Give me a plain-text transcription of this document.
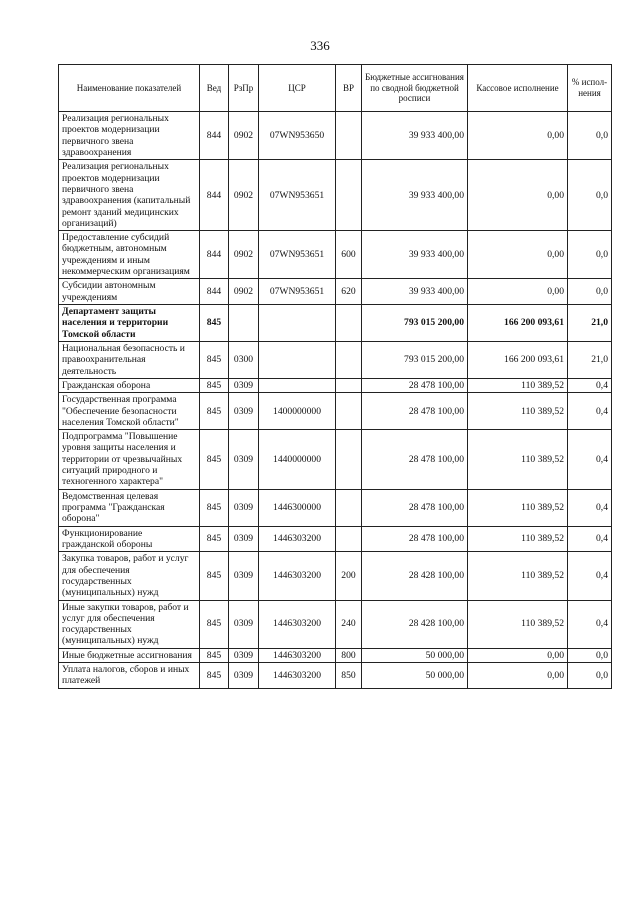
336
Наименование показателей	Вед	РзПр	ЦСР	ВР	Бюджетные ассигнования по сводной бюджетной росписи	Кассовое исполнение	% испол-нения
Реализация региональных проектов модернизации первичного звена здравоохранения	844	0902	07WN953650		39 933 400,00	0,00	0,0
Реализация региональных проектов модернизации первичного звена здравоохранения (капитальный ремонт зданий медицинских организаций)	844	0902	07WN953651		39 933 400,00	0,00	0,0
Предоставление субсидий бюджетным, автономным учреждениям и иным некоммерческим организациям	844	0902	07WN953651	600	39 933 400,00	0,00	0,0
Субсидии автономным учреждениям	844	0902	07WN953651	620	39 933 400,00	0,00	0,0
Департамент защиты населения и территории Томской области	845				793 015 200,00	166 200 093,61	21,0
Национальная безопасность и правоохранительная деятельность	845	0300			793 015 200,00	166 200 093,61	21,0
Гражданская оборона	845	0309			28 478 100,00	110 389,52	0,4
Государственная программа "Обеспечение безопасности населения Томской области"	845	0309	1400000000		28 478 100,00	110 389,52	0,4
Подпрограмма "Повышение уровня защиты населения и территории от чрезвычайных ситуаций природного и техногенного характера"	845	0309	1440000000		28 478 100,00	110 389,52	0,4
Ведомственная целевая программа "Гражданская оборона"	845	0309	1446300000		28 478 100,00	110 389,52	0,4
Функционирование гражданской обороны	845	0309	1446303200		28 478 100,00	110 389,52	0,4
Закупка товаров, работ и услуг для обеспечения государственных (муниципальных) нужд	845	0309	1446303200	200	28 428 100,00	110 389,52	0,4
Иные закупки товаров, работ и услуг для обеспечения государственных (муниципальных) нужд	845	0309	1446303200	240	28 428 100,00	110 389,52	0,4
Иные бюджетные ассигнования	845	0309	1446303200	800	50 000,00	0,00	0,0
Уплата налогов, сборов и иных платежей	845	0309	1446303200	850	50 000,00	0,00	0,0
